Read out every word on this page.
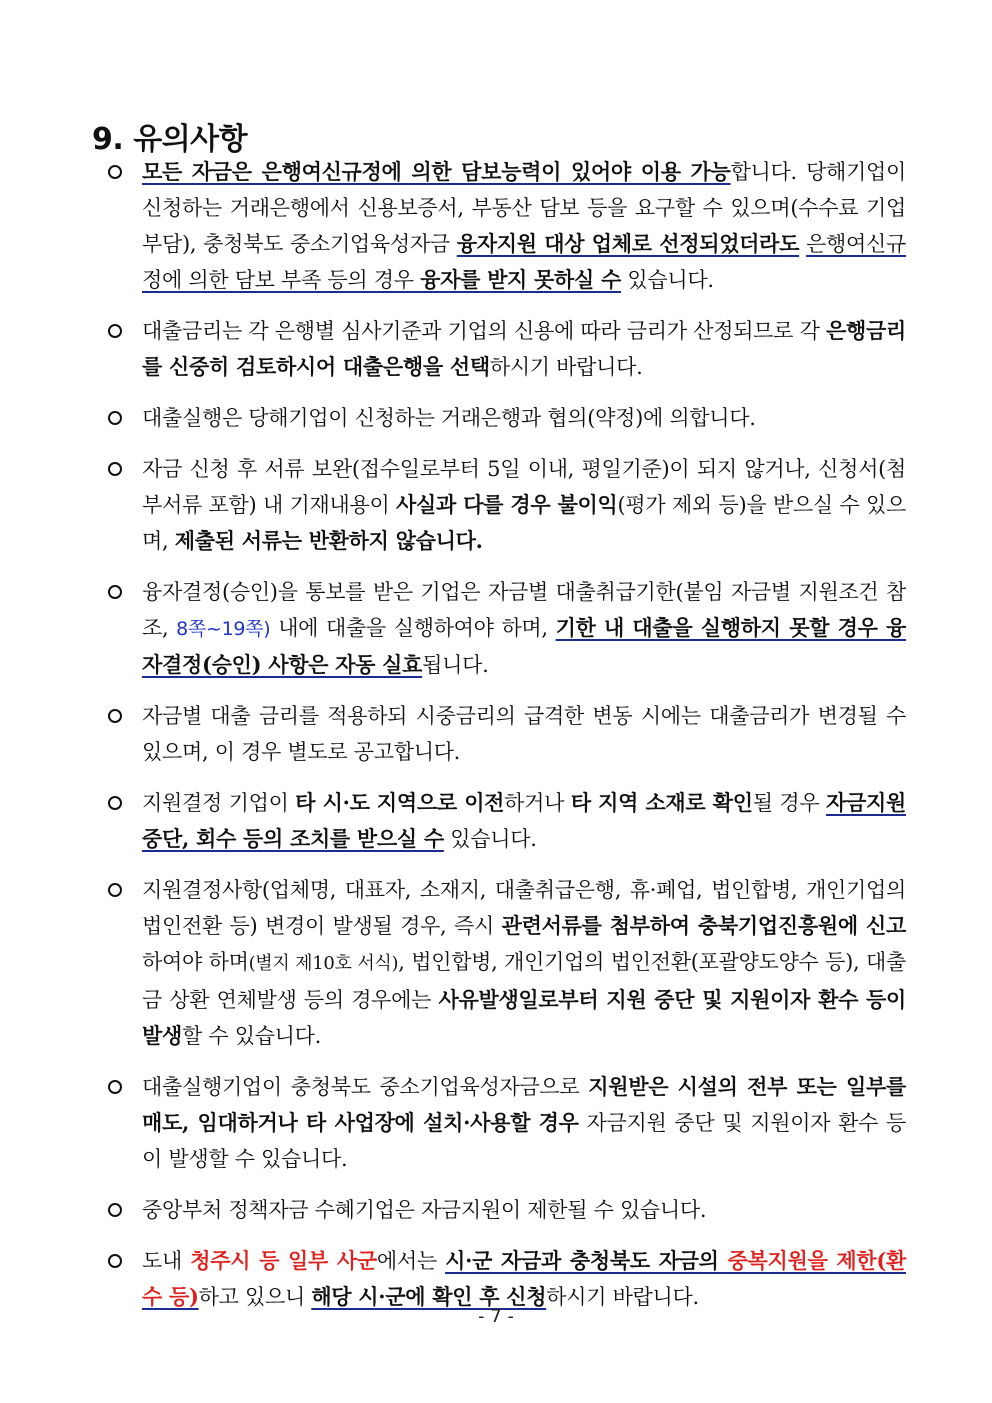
9. 유의사항
모든 자금은 은행여신규정에 의한 담보능력이 있어야 이용 가능합니다. 당해기업이 신청하는 거래은행에서 신용보증서, 부동산 담보 등을 요구할 수 있으며(수수료 기업부담), 충청북도 중소기업육성자금 융자지원 대상 업체로 선정되었더라도 은행여신규정에 의한 담보 부족 등의 경우 융자를 받지 못하실 수 있습니다.
대출금리는 각 은행별 심사기준과 기업의 신용에 따라 금리가 산정되므로 각 은행금리를 신중히 검토하시어 대출은행을 선택하시기 바랍니다.
대출실행은 당해기업이 신청하는 거래은행과 협의(약정)에 의합니다.
자금 신청 후 서류 보완(접수일로부터 5일 이내, 평일기준)이 되지 않거나, 신청서(첨부서류 포함) 내 기재내용이 사실과 다를 경우 불이익(평가 제외 등)을 받으실 수 있으며, 제출된 서류는 반환하지 않습니다.
융자결정(승인)을 통보를 받은 기업은 자금별 대출취급기한(붙임 자금별 지원조건 참조, 8쪽~19쪽) 내에 대출을 실행하여야 하며, 기한 내 대출을 실행하지 못할 경우 융자결정(승인) 사항은 자동 실효됩니다.
자금별 대출 금리를 적용하되 시중금리의 급격한 변동 시에는 대출금리가 변경될 수 있으며, 이 경우 별도로 공고합니다.
지원결정 기업이 타 시·도 지역으로 이전하거나 타 지역 소재로 확인될 경우 자금지원 중단, 회수 등의 조치를 받으실 수 있습니다.
지원결정사항(업체명, 대표자, 소재지, 대출취급은행, 휴·폐업, 법인합병, 개인기업의 법인전환 등) 변경이 발생될 경우, 즉시 관련서류를 첨부하여 충북기업진흥원에 신고하여야 하며(별지 제10호 서식), 법인합병, 개인기업의 법인전환(포괄양도양수 등), 대출금 상환 연체발생 등의 경우에는 사유발생일로부터 지원 중단 및 지원이자 환수 등이 발생할 수 있습니다.
대출실행기업이 충청북도 중소기업육성자금으로 지원받은 시설의 전부 또는 일부를 매도, 임대하거나 타 사업장에 설치·사용할 경우 자금지원 중단 및 지원이자 환수 등이 발생할 수 있습니다.
중앙부처 정책자금 수혜기업은 자금지원이 제한될 수 있습니다.
도내 청주시 등 일부 사군에서는 시·군 자금과 충청북도 자금의 중복지원을 제한(환수 등)하고 있으니 해당 시·군에 확인 후 신청하시기 바랍니다.
- 7 -
